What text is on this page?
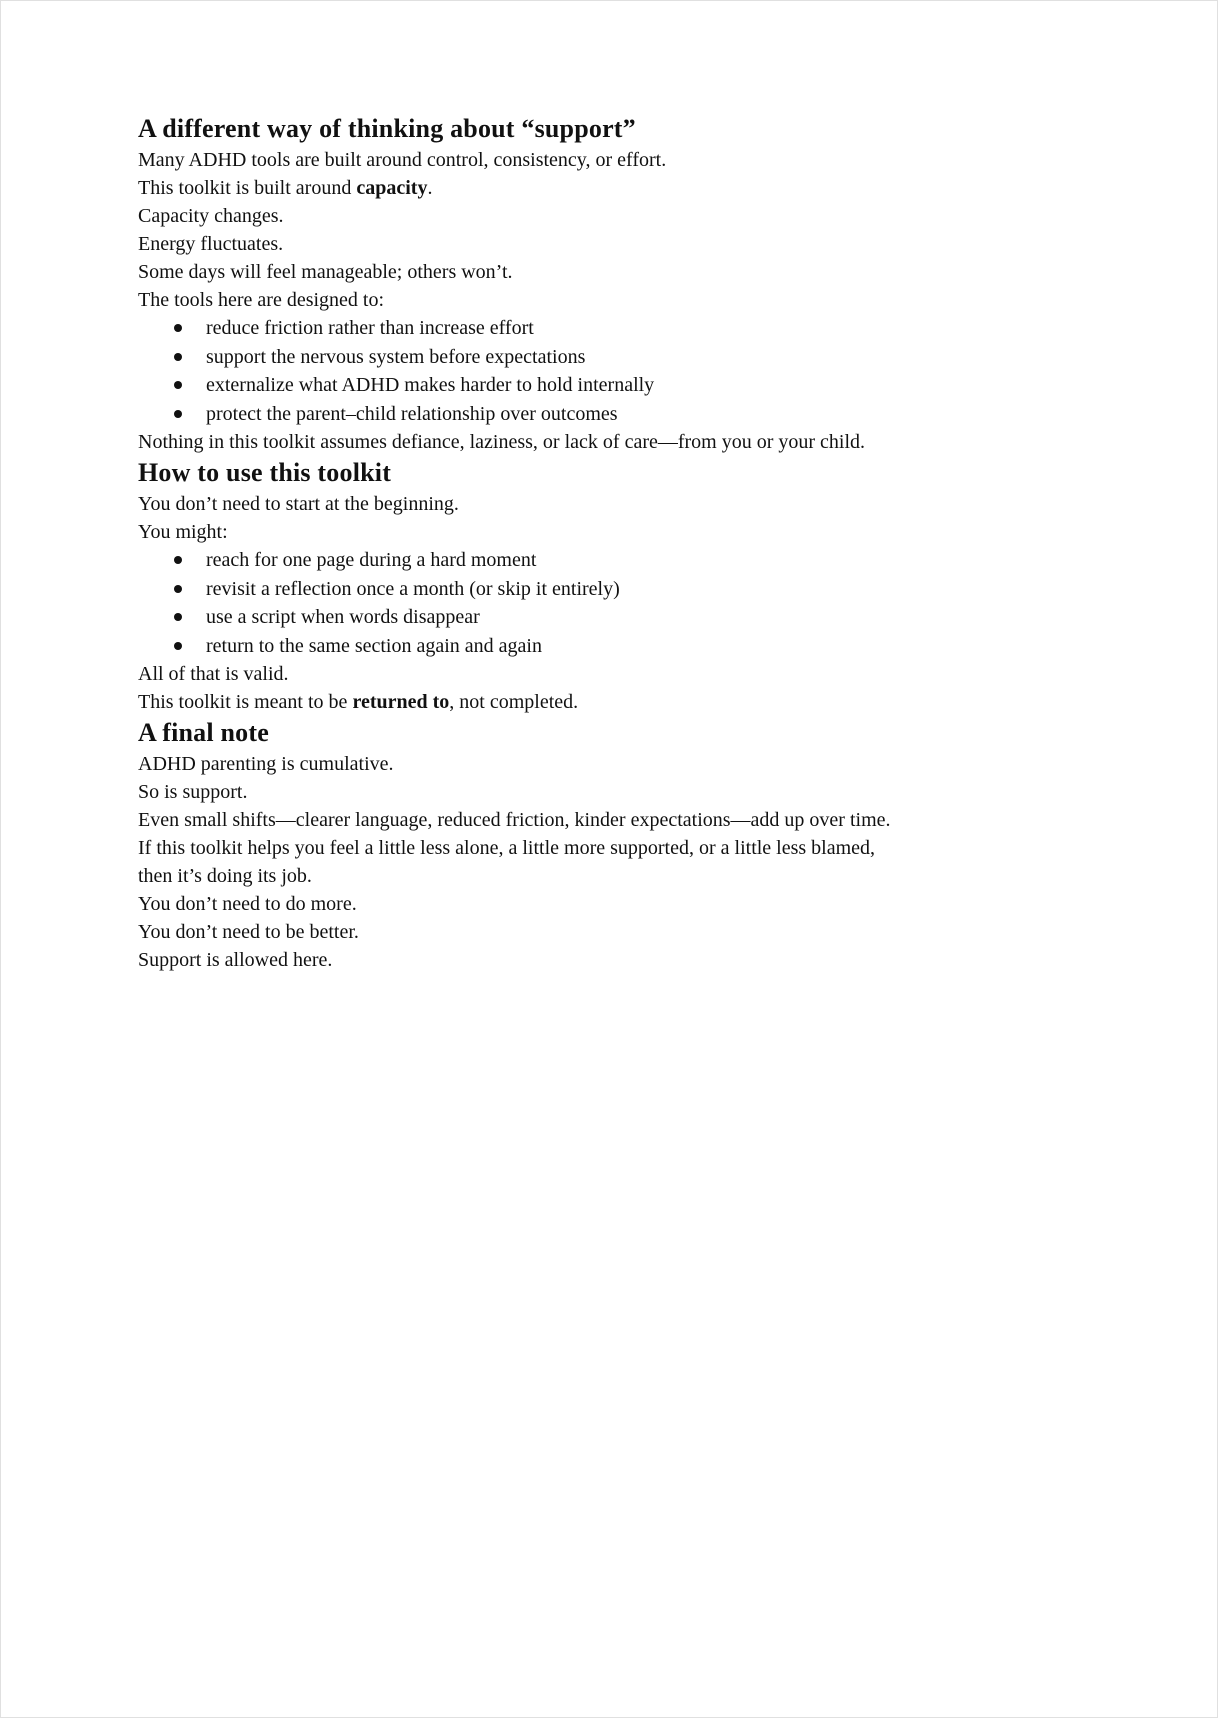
A different way of thinking about “support”

Many ADHD tools are built around control, consistency, or effort.
This toolkit is built around capacity.

Capacity changes.
Energy fluctuates.
Some days will feel manageable; others won’t.

The tools here are designed to:

reduce friction rather than increase effort
support the nervous system before expectations
externalize what ADHD makes harder to hold internally
protect the parent–child relationship over outcomes

Nothing in this toolkit assumes defiance, laziness, or lack of care—from you or your child.

How to use this toolkit

You don’t need to start at the beginning.

You might:

reach for one page during a hard moment
revisit a reflection once a month (or skip it entirely)
use a script when words disappear
return to the same section again and again

All of that is valid.

This toolkit is meant to be returned to, not completed.

A final note

ADHD parenting is cumulative.
So is support.

Even small shifts—clearer language, reduced friction, kinder expectations—add up over time.

If this toolkit helps you feel a little less alone, a little more supported, or a little less blamed,
then it’s doing its job.

You don’t need to do more.
You don’t need to be better.

Support is allowed here.
